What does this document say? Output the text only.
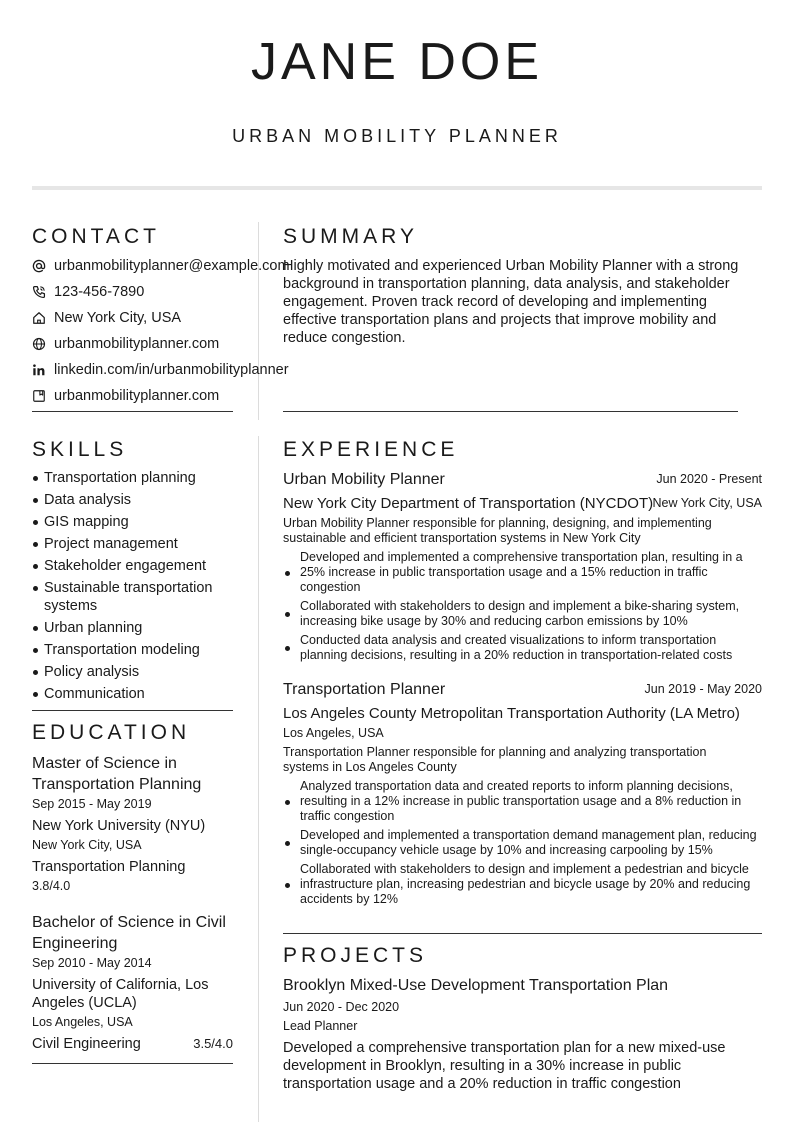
JANE DOE
URBAN MOBILITY PLANNER
CONTACT
urbanmobilityplanner@example.com
123-456-7890
New York City, USA
urbanmobilityplanner.com
linkedin.com/in/urbanmobilityplanner
urbanmobilityplanner.com
SUMMARY

Highly motivated and experienced Urban Mobility Planner with a strong background in transportation planning, data analysis, and stakeholder engagement. Proven track record of developing and implementing effective transportation plans and projects that improve mobility and reduce congestion.

SKILLS
Transportation planning
Data analysis
GIS mapping
Project management
Stakeholder engagement
Sustainable transportation systems
Urban planning
Transportation modeling
Policy analysis
Communication
EDUCATION
Master of Science in Transportation Planning
Sep 2015 - May 2019
New York University (NYU)
New York City, USA
Transportation Planning
3.8/4.0
Bachelor of Science in Civil Engineering
Sep 2010 - May 2014
University of California, Los Angeles (UCLA)
Los Angeles, USA
Civil Engineering	3.5/4.0
EXPERIENCE
Urban Mobility Planner	Jun 2020 - Present
New York City Department of Transportation (NYCDOT) New York City, USA
Urban Mobility Planner responsible for planning, designing, and implementing sustainable and efficient transportation systems in New York City
Developed and implemented a comprehensive transportation plan, resulting in a 25% increase in public transportation usage and a 15% reduction in traffic congestion
Collaborated with stakeholders to design and implement a bike-sharing system, increasing bike usage by 30% and reducing carbon emissions by 10%
Conducted data analysis and created visualizations to inform transportation planning decisions, resulting in a 20% reduction in transportation-related costs
Transportation Planner	Jun 2019 - May 2020
Los Angeles County Metropolitan Transportation Authority (LA Metro)
Los Angeles, USA
Transportation Planner responsible for planning and analyzing transportation systems in Los Angeles County
Analyzed transportation data and created reports to inform planning decisions, resulting in a 12% increase in public transportation usage and a 8% reduction in traffic congestion
Developed and implemented a transportation demand management plan, reducing single-occupancy vehicle usage by 10% and increasing carpooling by 15%
Collaborated with stakeholders to design and implement a pedestrian and bicycle infrastructure plan, increasing pedestrian and bicycle usage by 20% and reducing accidents by 12%
PROJECTS
Brooklyn Mixed-Use Development Transportation Plan
Jun 2020 - Dec 2020
Lead Planner
Developed a comprehensive transportation plan for a new mixed-use development in Brooklyn, resulting in a 30% increase in public transportation usage and a 20% reduction in traffic congestion
